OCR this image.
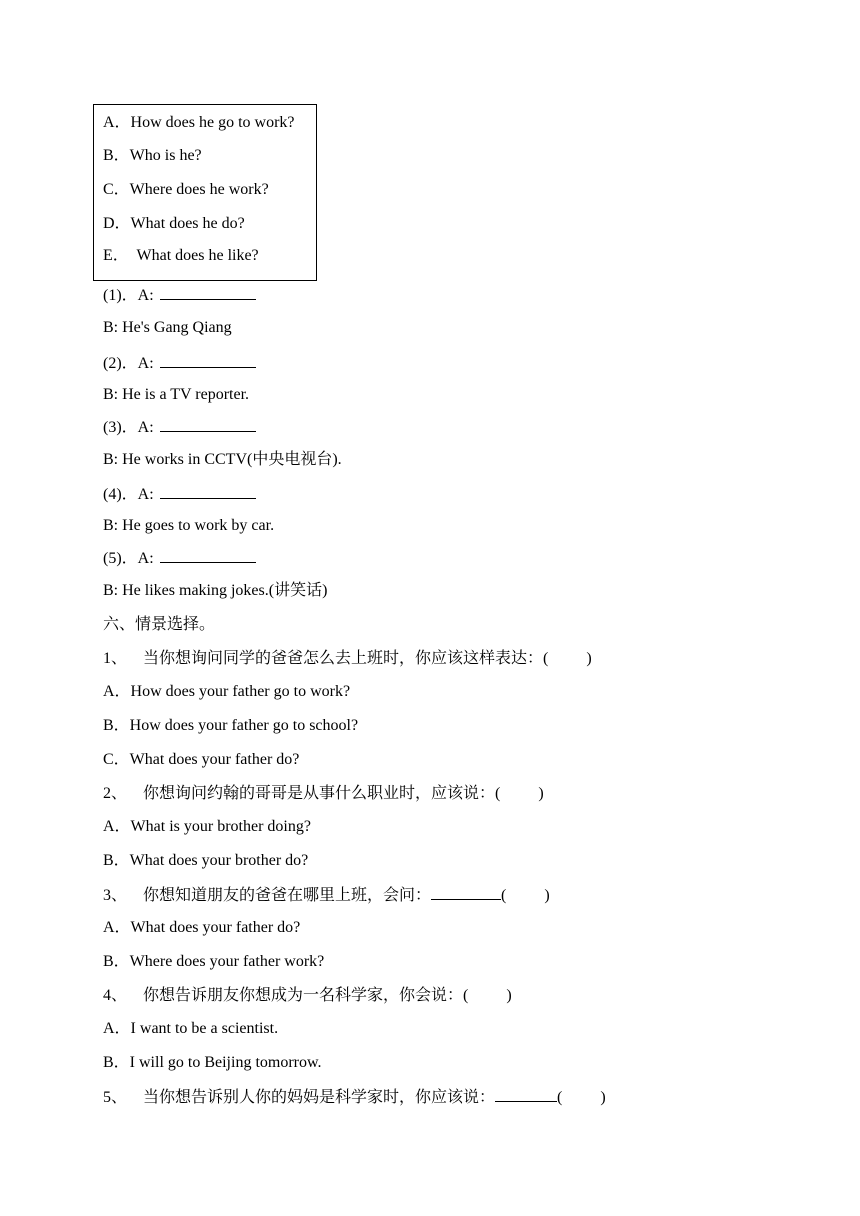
A．How does he go to work?
B．Who is he?
C．Where does he work?
D．What does he do?
E．  What does he like?
(1)．A:
B: He's Gang Qiang
(2)．A:
B: He is a TV reporter.
(3)．A:
B: He works in CCTV(中央电视台).
(4)．A:
B: He goes to work by car.
(5)．A:
B: He likes making jokes.(讲笑话)
六、情景选择。
1、 当你想询问同学的爸爸怎么去上班时，你应该这样表达：( )
A．How does your father go to work?
B．How does your father go to school?
C．What does your father do?
2、 你想询问约翰的哥哥是从事什么职业时，应该说：( )
A．What is your brother doing?
B．What does your brother do?
3、 你想知道朋友的爸爸在哪里上班，会问：	( )
A．What does your father do?
B．Where does your father work?
4、 你想告诉朋友你想成为一名科学家，你会说：( )
A．I want to be a scientist.
B．I will go to Beijing tomorrow.
5、 当你想告诉别人你的妈妈是科学家时，你应该说：	( )
